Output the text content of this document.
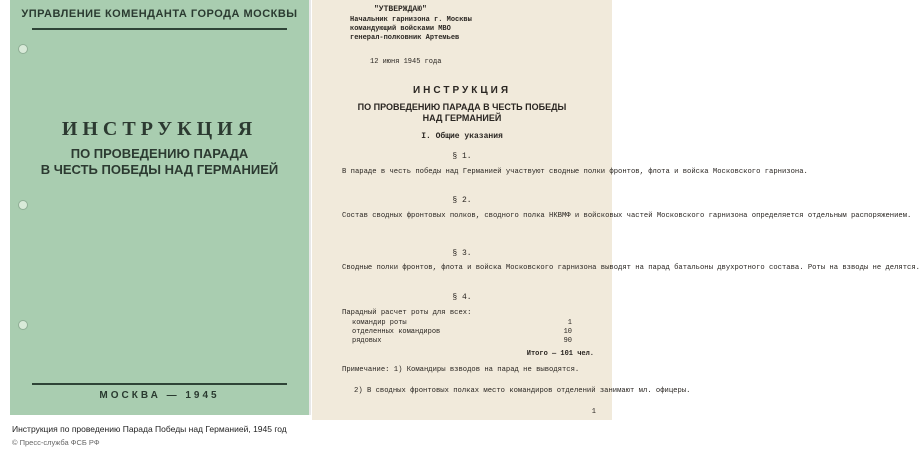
УПРАВЛЕНИЕ КОМЕНДАНТА ГОРОДА МОСКВЫ
ИНСТРУКЦИЯ
ПО ПРОВЕДЕНИЮ ПАРАДА
В ЧЕСТЬ ПОБЕДЫ НАД ГЕРМАНИЕЙ
МОСКВА — 1945
"УТВЕРЖДАЮ"
Начальник гарнизона г. Москвы
командующий войсками МВО
генерал-полковник Артемьев
12 июня 1945 года
ИНСТРУКЦИЯ
ПО ПРОВЕДЕНИЮ ПАРАДА В ЧЕСТЬ ПОБЕДЫ
НАД ГЕРМАНИЕЙ
I. Общие указания
§ 1.
В параде в честь победы над Германией участвуют сводные полки фронтов, флота и войска Московского гарнизона.
§ 2.
Состав сводных фронтовых полков, сводного полка НКВМФ и войсковых частей Московского гарнизона определяется отдельным распоряжением.
§ 3.
Сводные полки фронтов, флота и войска Московского гарнизона выводят на парад батальоны двухротного состава. Роты на взводы не делятся.
§ 4.
Парадный расчет роты для всех:
командир роты	1
отделенных командиров	10
рядовых	90
Итого — 101 чел.
Примечание: 1) Командиры взводов на парад не выводятся.
2) В сводных фронтовых полках место командиров отделений занимают мл. офицеры.
1
Инструкция по проведению Парада Победы над Германией, 1945 год
© Пресс-служба ФСБ РФ
